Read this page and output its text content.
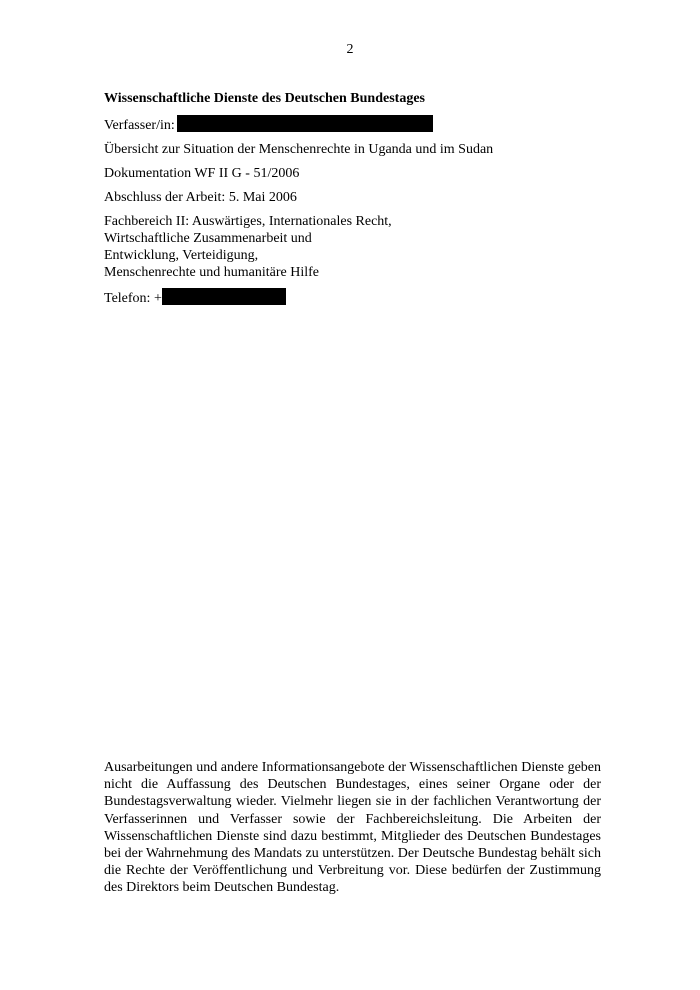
2

Wissenschaftliche Dienste des Deutschen Bundestages

Verfasser/in:

Übersicht zur Situation der Menschenrechte in Uganda und im Sudan

Dokumentation WF II G - 51/2006

Abschluss der Arbeit: 5. Mai 2006

Fachbereich II: Auswärtiges, Internationales Recht,
Wirtschaftliche Zusammenarbeit und
Entwicklung, Verteidigung,
Menschenrechte und humanitäre Hilfe

Telefon: +

Ausarbeitungen und andere Informationsangebote der Wissenschaftlichen Dienste geben nicht die Auffassung des Deutschen Bundestages, eines seiner Organe oder der Bundestagsverwaltung wieder. Vielmehr liegen sie in der fachlichen Verantwortung der Verfasserinnen und Verfasser sowie der Fachbereichsleitung. Die Arbeiten der Wissenschaftlichen Dienste sind dazu bestimmt, Mitglieder des Deutschen Bundestages bei der Wahrnehmung des Mandats zu unterstützen. Der Deutsche Bundestag behält sich die Rechte der Veröffentlichung und Verbreitung vor. Diese bedürfen der Zustimmung des Direktors beim Deutschen Bundestag.
